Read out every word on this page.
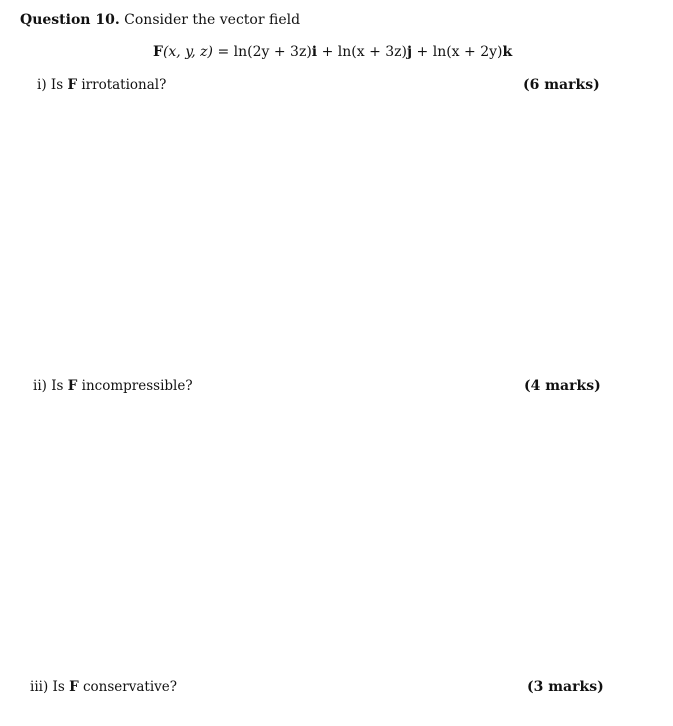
Question 10. Consider the vector field
F(x, y, z) = ln(2y + 3z)i + ln(x + 3z)j + ln(x + 2y)k
i) Is F irrotational?	(6 marks)
ii) Is F incompressible?	(4 marks)
iii) Is F conservative?	(3 marks)
